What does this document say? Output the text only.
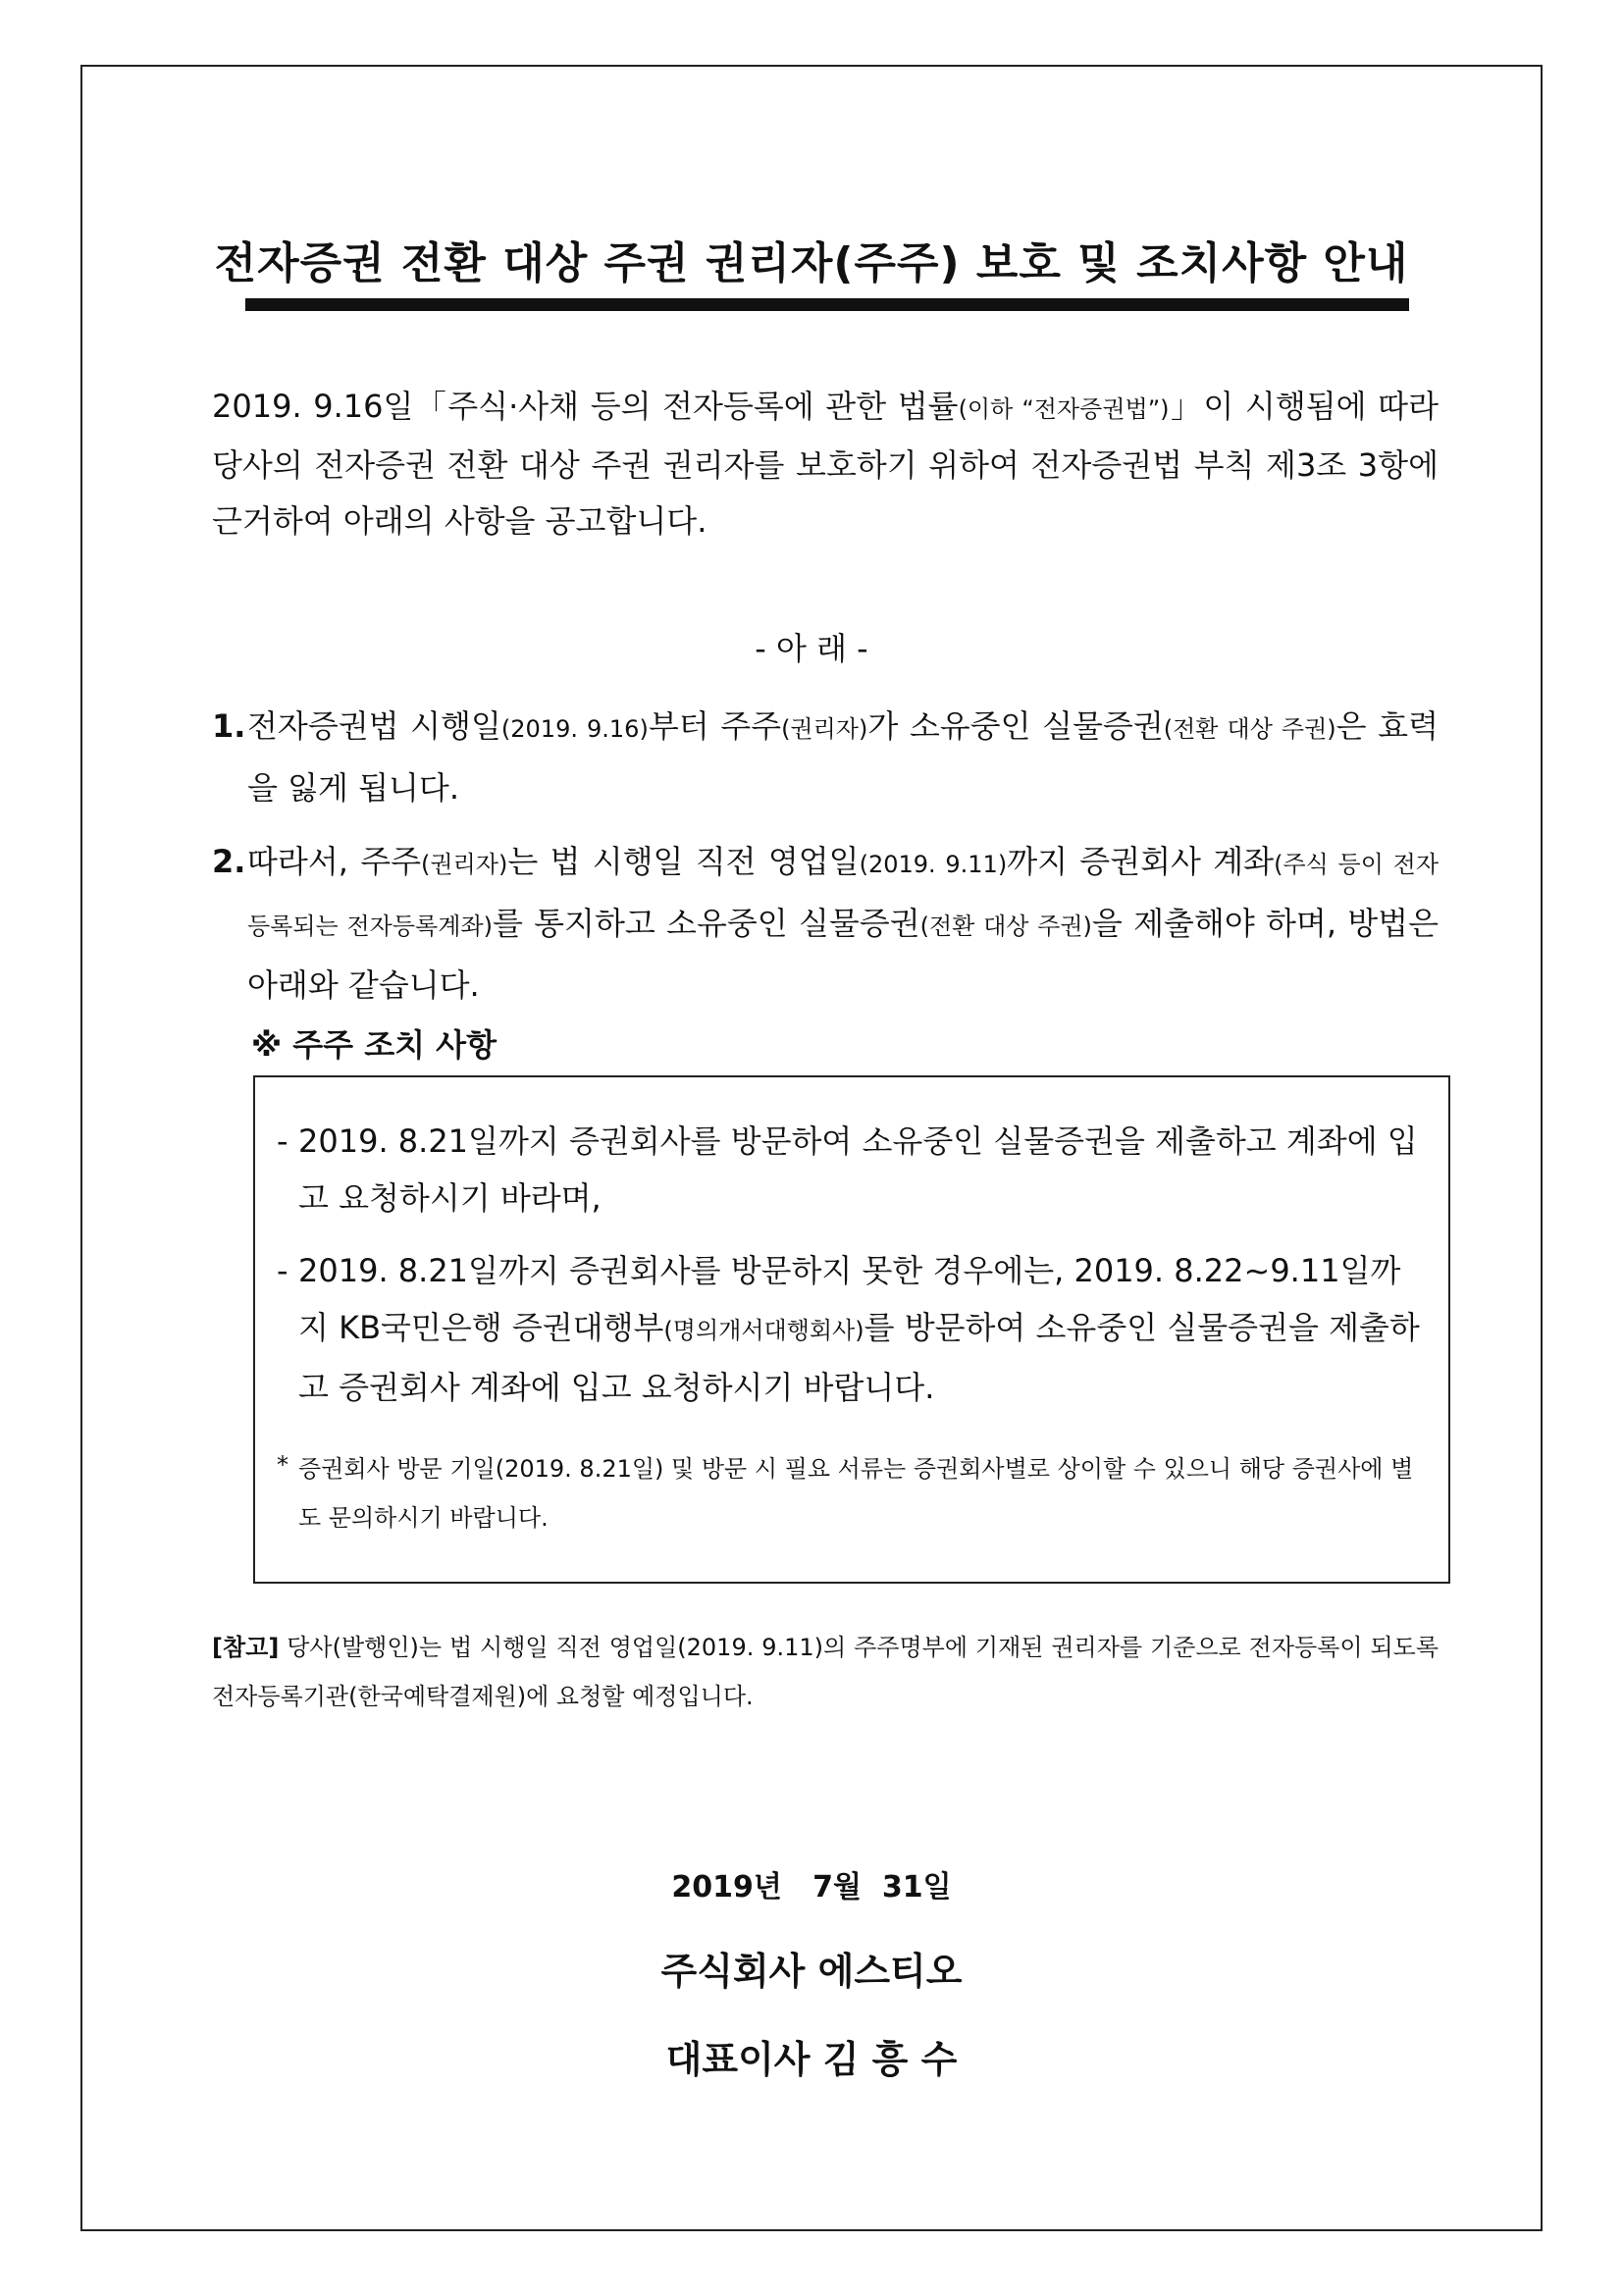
전자증권 전환 대상 주권 권리자(주주) 보호 및 조치사항 안내
2019. 9.16일「주식·사채 등의 전자등록에 관한 법률(이하 “전자증권법”)」이 시행됨에 따라 당사의 전자증권 전환 대상 주권 권리자를 보호하기 위하여 전자증권법 부칙 제3조 3항에 근거하여 아래의 사항을 공고합니다.
- 아 래 -
1. 전자증권법 시행일(2019. 9.16)부터 주주(권리자)가 소유중인 실물증권(전환 대상 주권)은 효력을 잃게 됩니다.
2. 따라서, 주주(권리자)는 법 시행일 직전 영업일(2019. 9.11)까지 증권회사 계좌(주식 등이 전자등록되는 전자등록계좌)를 통지하고 소유중인 실물증권(전환 대상 주권)을 제출해야 하며, 방법은 아래와 같습니다.
※ 주주 조치 사항
- 2019. 8.21일까지 증권회사를 방문하여 소유중인 실물증권을 제출하고 계좌에 입고 요청하시기 바라며,
- 2019. 8.21일까지 증권회사를 방문하지 못한 경우에는, 2019. 8.22~9.11일까지 KB국민은행 증권대행부(명의개서대행회사)를 방문하여 소유중인 실물증권을 제출하고 증권회사 계좌에 입고 요청하시기 바랍니다.
* 증권회사 방문 기일(2019. 8.21일) 및 방문 시 필요 서류는 증권회사별로 상이할 수 있으니 해당 증권사에 별도 문의하시기 바랍니다.
[참고] 당사(발행인)는 법 시행일 직전 영업일(2019. 9.11)의 주주명부에 기재된 권리자를 기준으로 전자등록이 되도록 전자등록기관(한국예탁결제원)에 요청할 예정입니다.
2019년   7월  31일
주식회사 에스티오
대표이사 김 흥 수
